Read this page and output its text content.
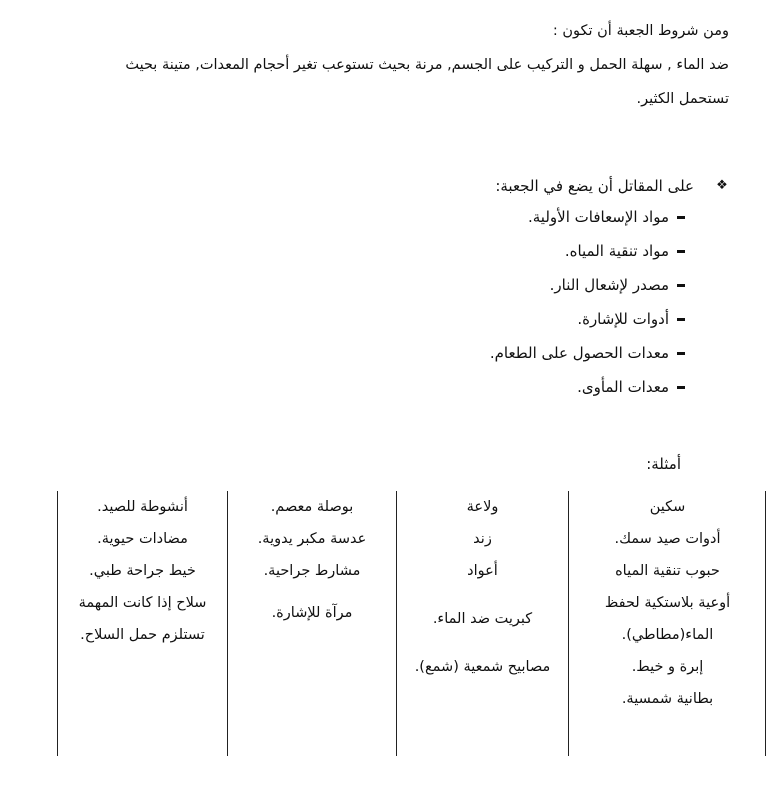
ومن شروط الجعبة أن تكون :
ضد الماء , سهلة الحمل و التركيب على الجسم, مرنة بحيث تستوعب تغير أحجام المعدات, متينة بحيث
تستحمل الكثير.
❖
على المقاتل أن يضع في الجعبة:
مواد الإسعافات الأولية.
مواد تنقية المياه.
مصدر لإشعال النار.
أدوات للإشارة.
معدات الحصول على الطعام.
معدات المأوى.
أمثلة:
أنشوطة للصيد.
مضادات حيوية.
خيط جراحة طبي.
سلاح إذا كانت المهمة
تستلزم حمل السلاح.
بوصلة معصم.
عدسة مكبر يدوية.
مشارط جراحية.
مرآة للإشارة.
ولاعة
زند
أعواد
كبريت ضد الماء.
مصابيح شمعية (شمع).
سكين
أدوات صيد سمك.
حبوب تنقية المياه
أوعية بلاستكية لحفظ
الماء(مطاطي).
إبرة و خيط.
بطانية شمسية.
